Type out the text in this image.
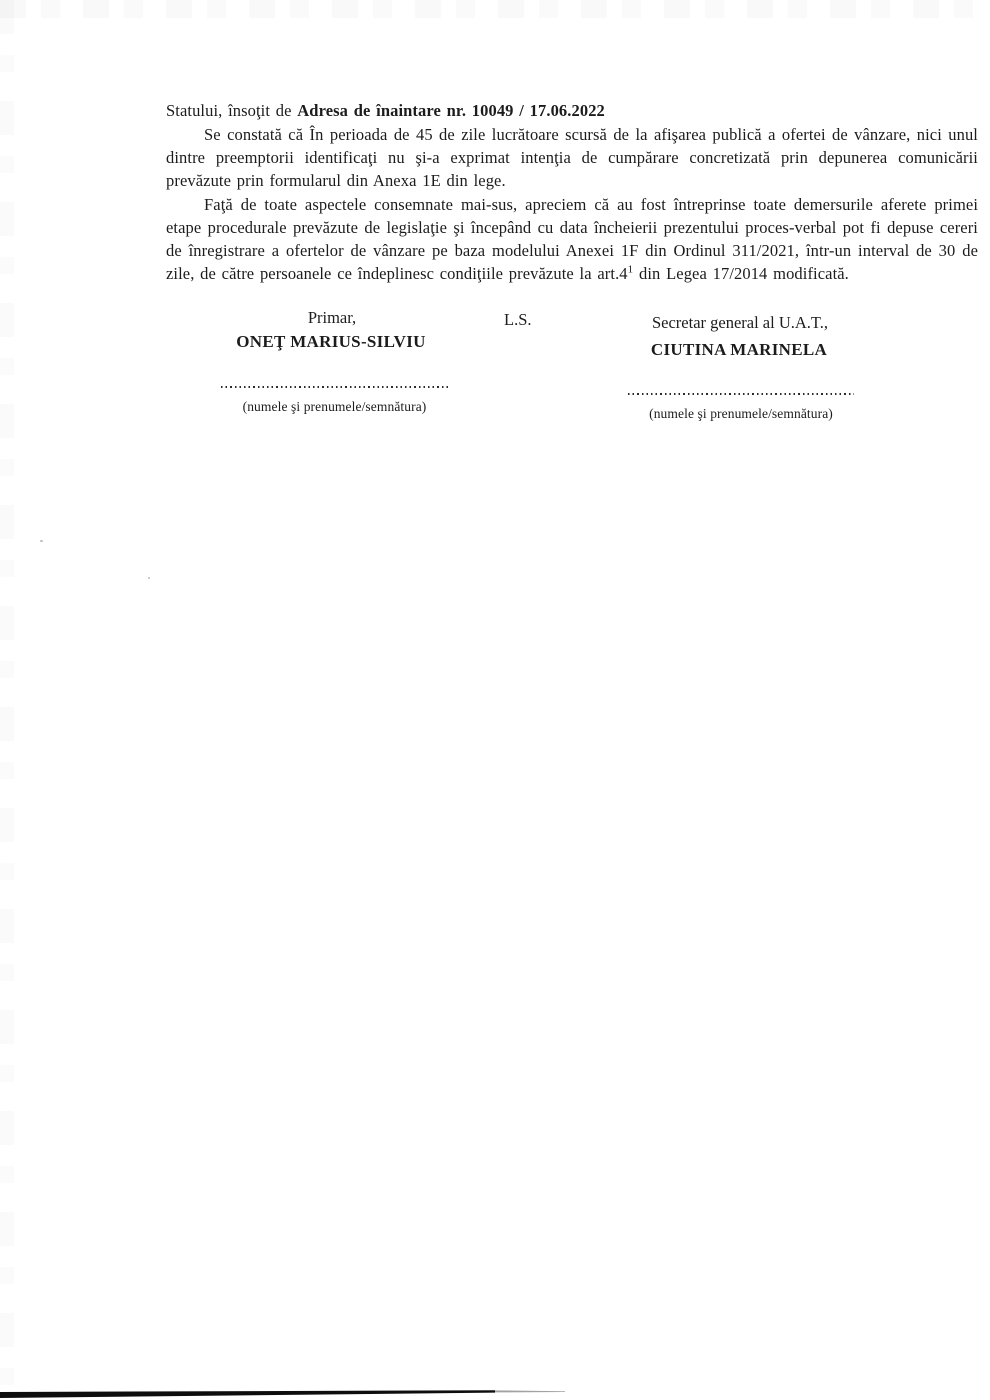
Statului, însoţit de Adresa de înaintare nr. 10049 / 17.06.2022

Se constată că În perioada de 45 de zile lucrătoare scursă de la afişarea publică a ofertei de vânzare, nici unul dintre preemptorii identificaţi nu şi-a exprimat intenţia de cumpărare concretizată prin depunerea comunicării prevăzute prin formularul din Anexa 1E din lege.

Faţă de toate aspectele consemnate mai-sus, apreciem că au fost întreprinse toate demersurile aferete primei etape procedurale prevăzute de legislaţie şi începând cu data încheierii prezentului proces-verbal pot fi depuse cereri de înregistrare a ofertelor de vânzare pe baza modelului Anexei 1F din Ordinul 311/2021, într-un interval de 30 de zile, de către persoanele ce îndeplinesc condiţiile prevăzute la art.4$^1$ din Legea 17/2014 modificată.

Primar,

ONEŢ MARIUS-SILVIU

L.S.	Secretar general al U.A.T.,

CIUTINA MARINELA

(numele şi prenumele/semnătura)	(numele şi prenumele/semnătura)
